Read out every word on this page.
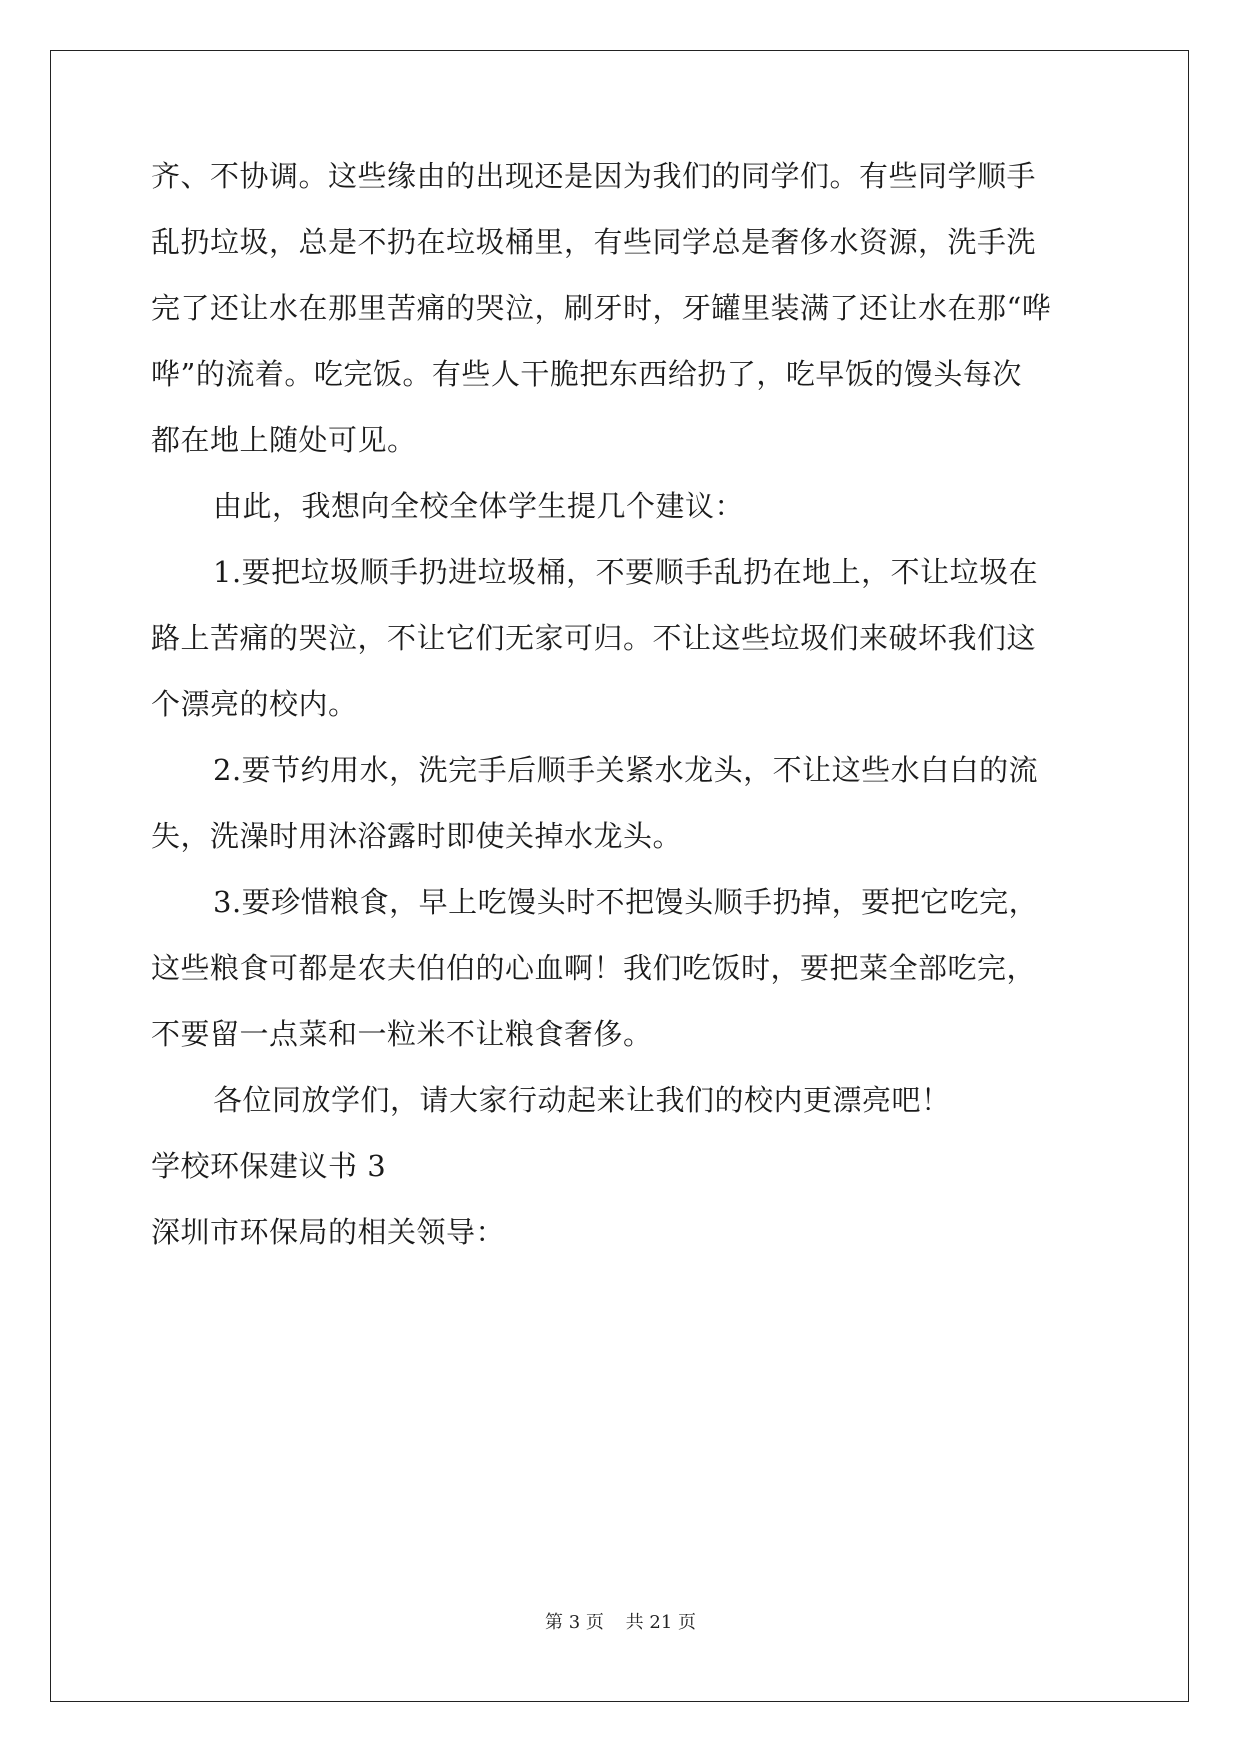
齐、不协调。这些缘由的出现还是因为我们的同学们。有些同学顺手
乱扔垃圾，总是不扔在垃圾桶里，有些同学总是奢侈水资源，洗手洗
完了还让水在那里苦痛的哭泣，刷牙时，牙罐里装满了还让水在那“哗
哗”的流着。吃完饭。有些人干脆把东西给扔了，吃早饭的馒头每次
都在地上随处可见。
由此，我想向全校全体学生提几个建议：
1.要把垃圾顺手扔进垃圾桶，不要顺手乱扔在地上，不让垃圾在
路上苦痛的哭泣，不让它们无家可归。不让这些垃圾们来破坏我们这
个漂亮的校内。
2.要节约用水，洗完手后顺手关紧水龙头，不让这些水白白的流
失，洗澡时用沐浴露时即使关掉水龙头。
3.要珍惜粮食，早上吃馒头时不把馒头顺手扔掉，要把它吃完，
这些粮食可都是农夫伯伯的心血啊！我们吃饭时，要把菜全部吃完，
不要留一点菜和一粒米不让粮食奢侈。
各位同放学们，请大家行动起来让我们的校内更漂亮吧！
学校环保建议书 3
深圳市环保局的相关领导：
第 3 页 共 21 页
